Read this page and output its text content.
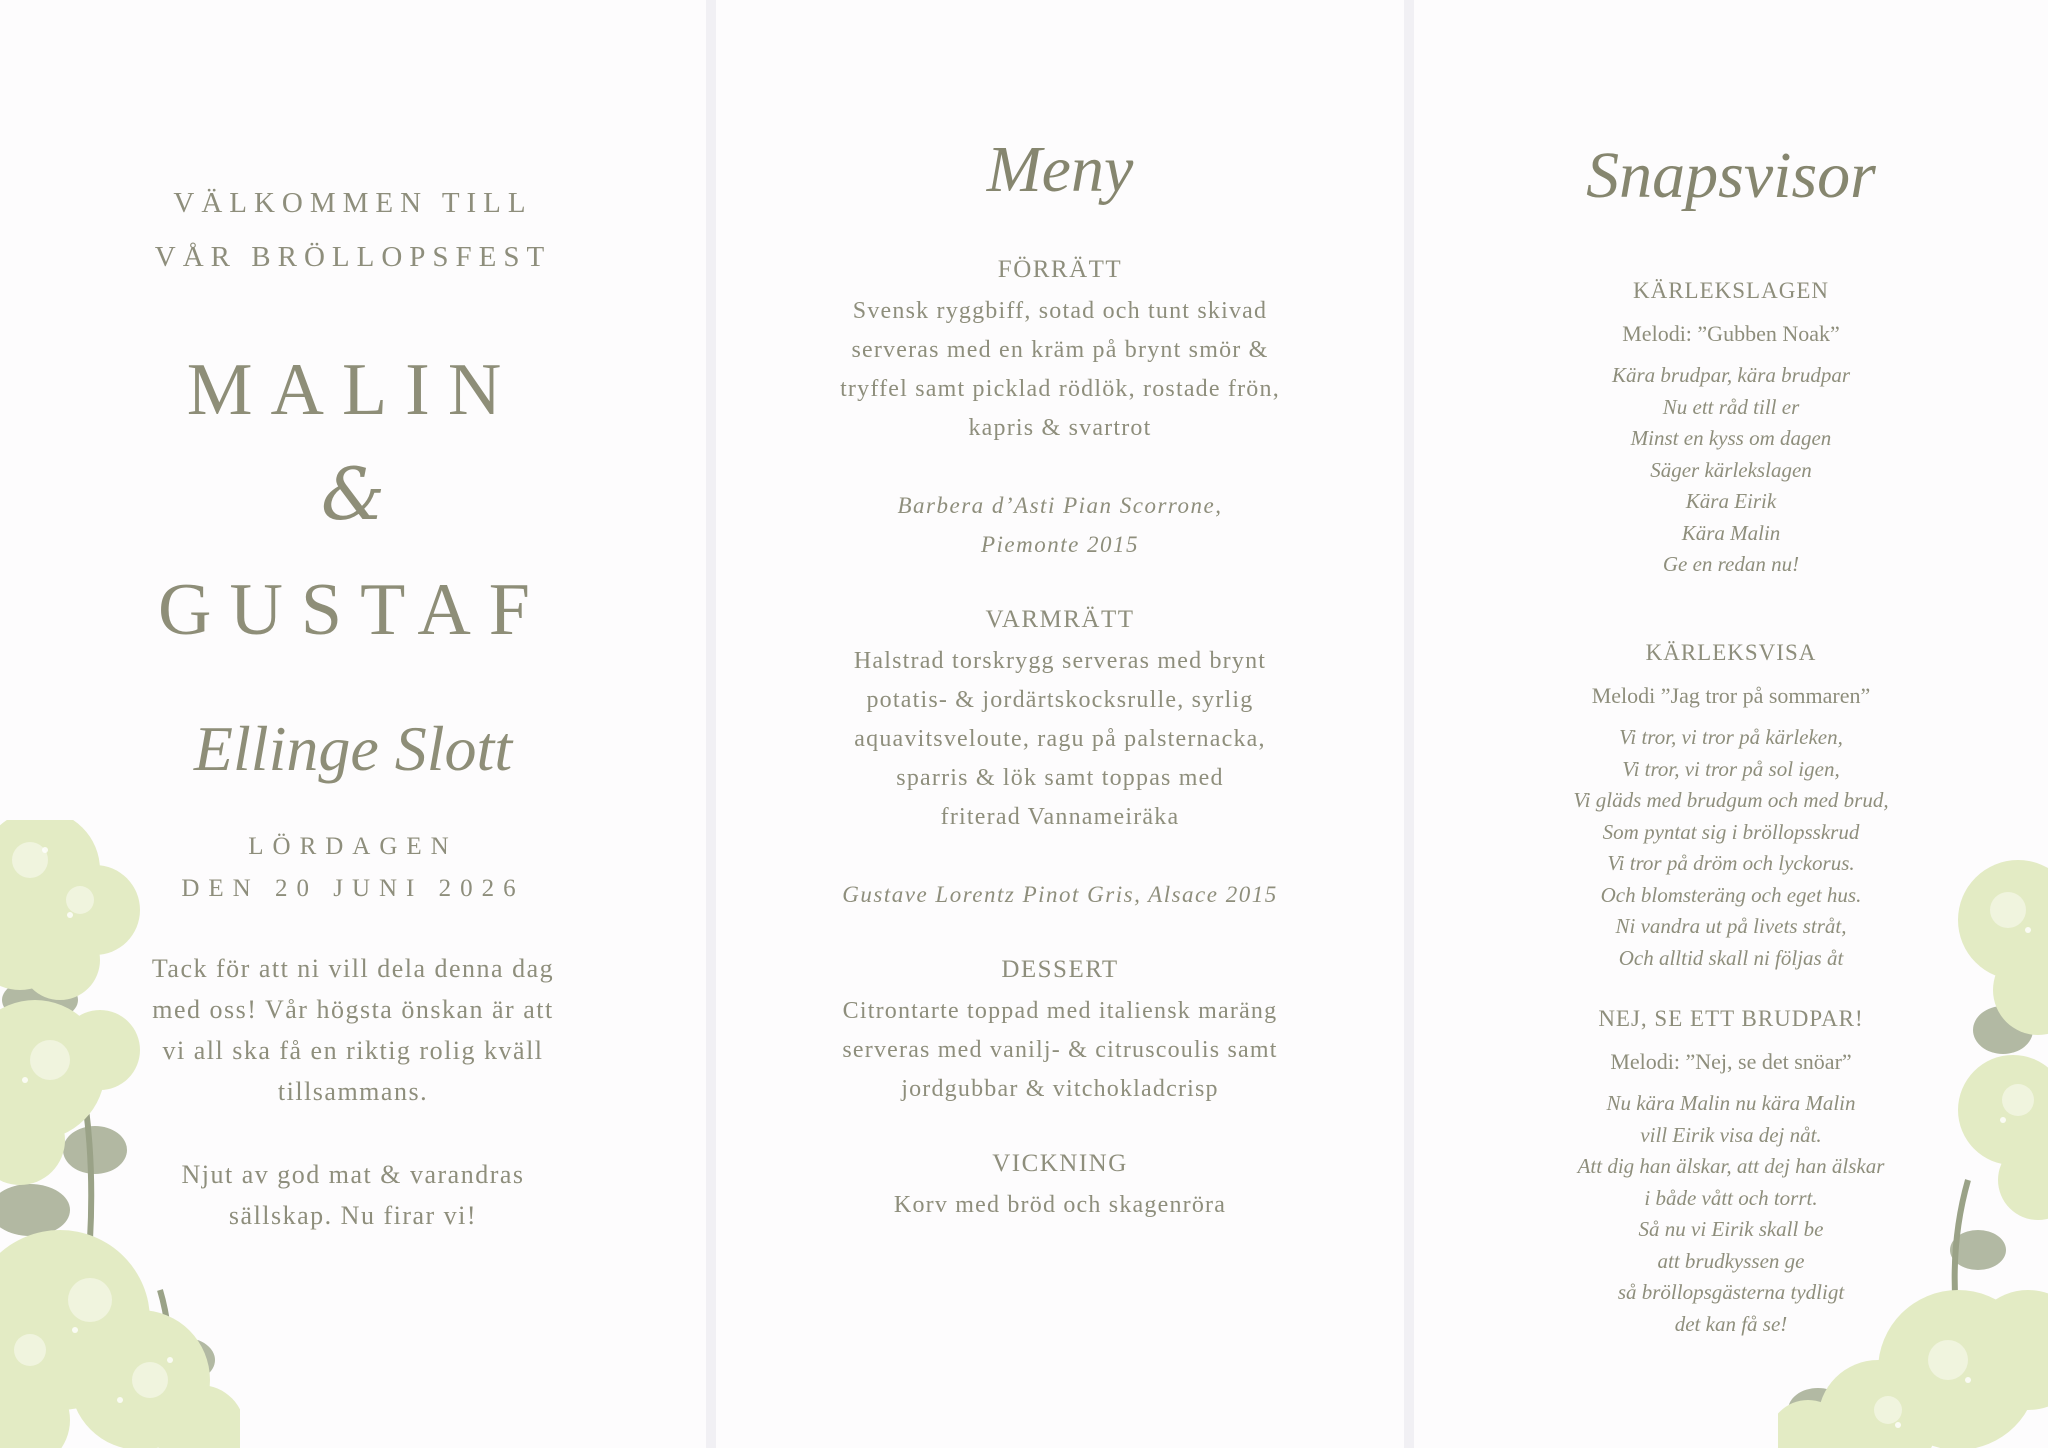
VÄLKOMMEN TILL
VÅR BRÖLLOPSFEST
MALIN
&
GUSTAF
Ellinge Slott
LÖRDAGEN
DEN 20 JUNI 2026
Tack för att ni vill dela denna dag
med oss! Vår högsta önskan är att
vi all ska få en riktig rolig kväll
tillsammans.
Njut av god mat & varandras
sällskap. Nu firar vi!
Meny
FÖRRÄTT
Svensk ryggbiff, sotad och tunt skivad
serveras med en kräm på brynt smör &
tryffel samt picklad rödlök, rostade frön,
kapris & svartrot
Barbera d’Asti Pian Scorrone,
Piemonte 2015
VARMRÄTT
Halstrad torskrygg serveras med brynt
potatis- & jordärtskocksrulle, syrlig
aquavitsveloute, ragu på palsternacka,
sparris & lök samt toppas med
friterad Vannameiräka
Gustave Lorentz Pinot Gris, Alsace 2015
DESSERT
Citrontarte toppad med italiensk maräng
serveras med vanilj- & citruscoulis samt
jordgubbar & vitchokladcrisp
VICKNING
Korv med bröd och skagenröra
Snapsvisor
KÄRLEKSLAGEN
Melodi: ”Gubben Noak”
Kära brudpar, kära brudpar
Nu ett råd till er
Minst en kyss om dagen
Säger kärlekslagen
Kära Eirik
Kära Malin
Ge en redan nu!
KÄRLEKSVISA
Melodi ”Jag tror på sommaren”
Vi tror, vi tror på kärleken,
Vi tror, vi tror på sol igen,
Vi gläds med brudgum och med brud,
Som pyntat sig i bröllopsskrud
Vi tror på dröm och lyckorus.
Och blomsteräng och eget hus.
Ni vandra ut på livets stråt,
Och alltid skall ni följas åt
NEJ, SE ETT BRUDPAR!
Melodi: ”Nej, se det snöar”
Nu kära Malin nu kära Malin
vill Eirik visa dej nåt.
Att dig han älskar, att dej han älskar
i både vått och torrt.
Så nu vi Eirik skall be
att brudkyssen ge
så bröllopsgästerna tydligt
det kan få se!
